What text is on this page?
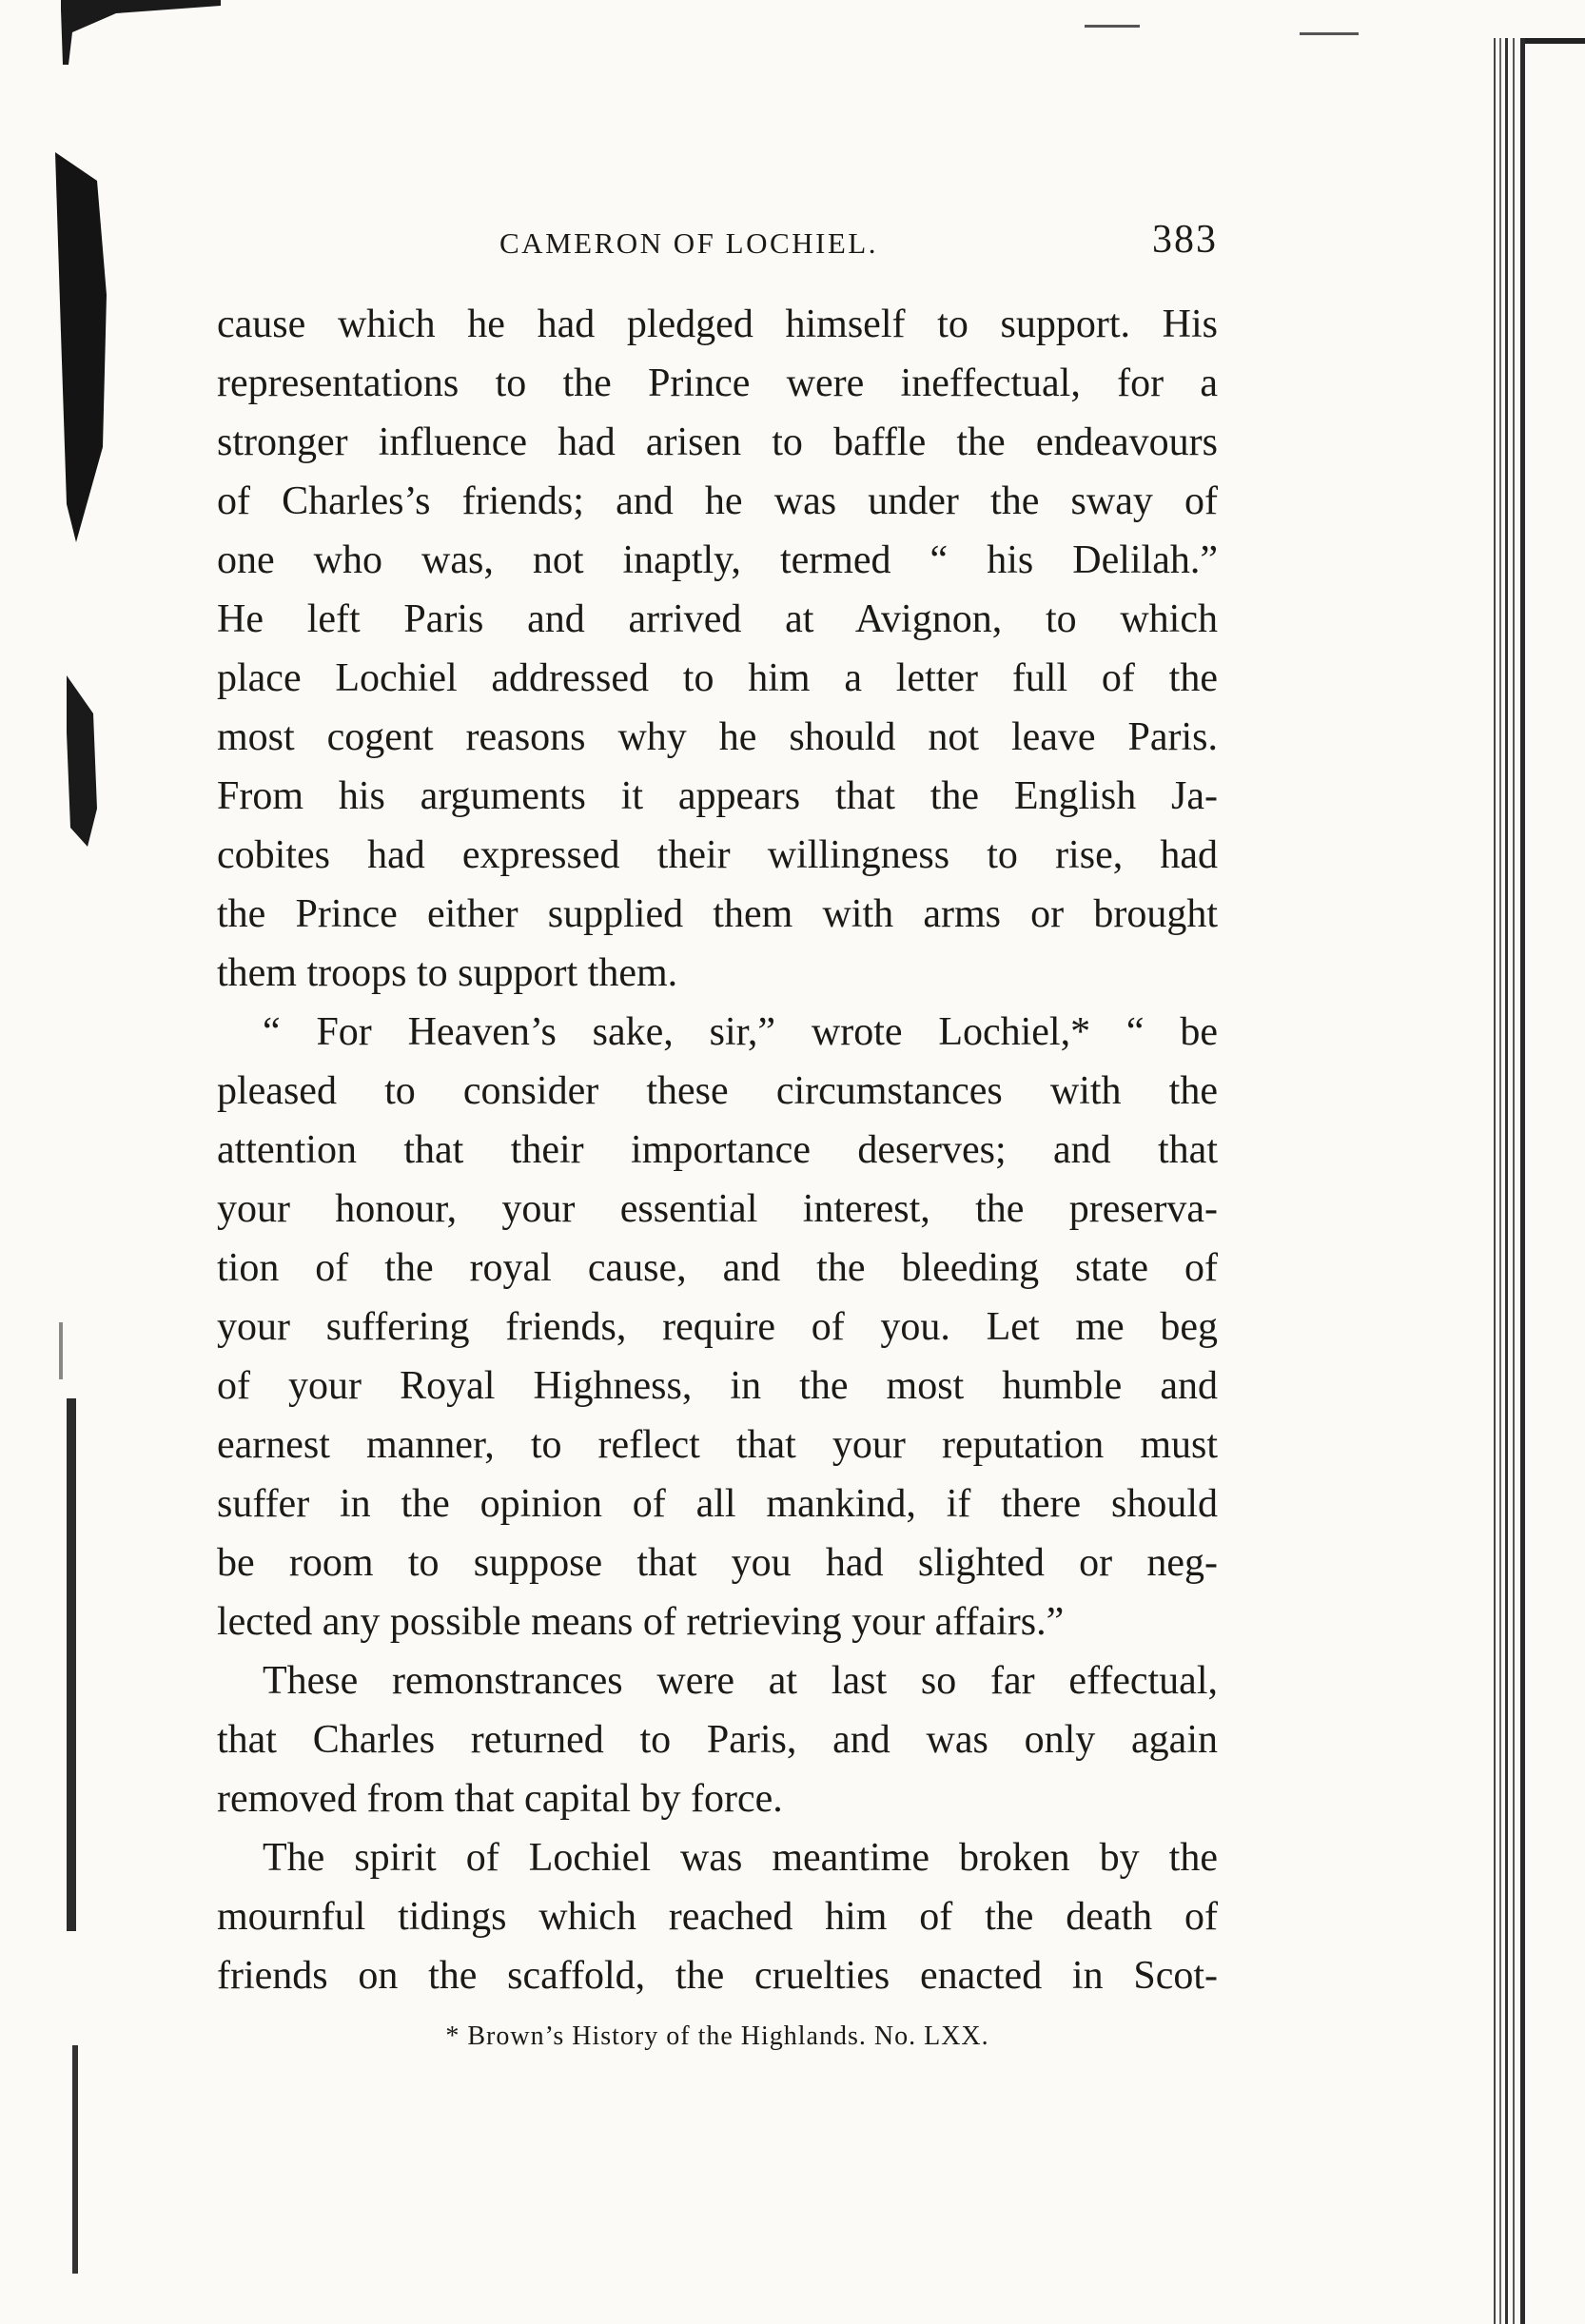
CAMERON OF LOCHIEL.	383
cause which he had pledged himself to support. His
representations to the Prince were ineffectual, for a
stronger influence had arisen to baffle the endeavours
of Charles’s friends; and he was under the sway of
one who was, not inaptly, termed “ his Delilah.”
He left Paris and arrived at Avignon, to which
place Lochiel addressed to him a letter full of the
most cogent reasons why he should not leave Paris.
From his arguments it appears that the English Ja-
cobites had expressed their willingness to rise, had
the Prince either supplied them with arms or brought
them troops to support them.
“ For Heaven’s sake, sir,” wrote Lochiel,* “ be
pleased to consider these circumstances with the
attention that their importance deserves; and that
your honour, your essential interest, the preserva-
tion of the royal cause, and the bleeding state of
your suffering friends, require of you. Let me beg
of your Royal Highness, in the most humble and
earnest manner, to reflect that your reputation must
suffer in the opinion of all mankind, if there should
be room to suppose that you had slighted or neg-
lected any possible means of retrieving your affairs.”
These remonstrances were at last so far effectual,
that Charles returned to Paris, and was only again
removed from that capital by force.
The spirit of Lochiel was meantime broken by the
mournful tidings which reached him of the death of
friends on the scaffold, the cruelties enacted in Scot-
* Brown’s History of the Highlands. No. LXX.
